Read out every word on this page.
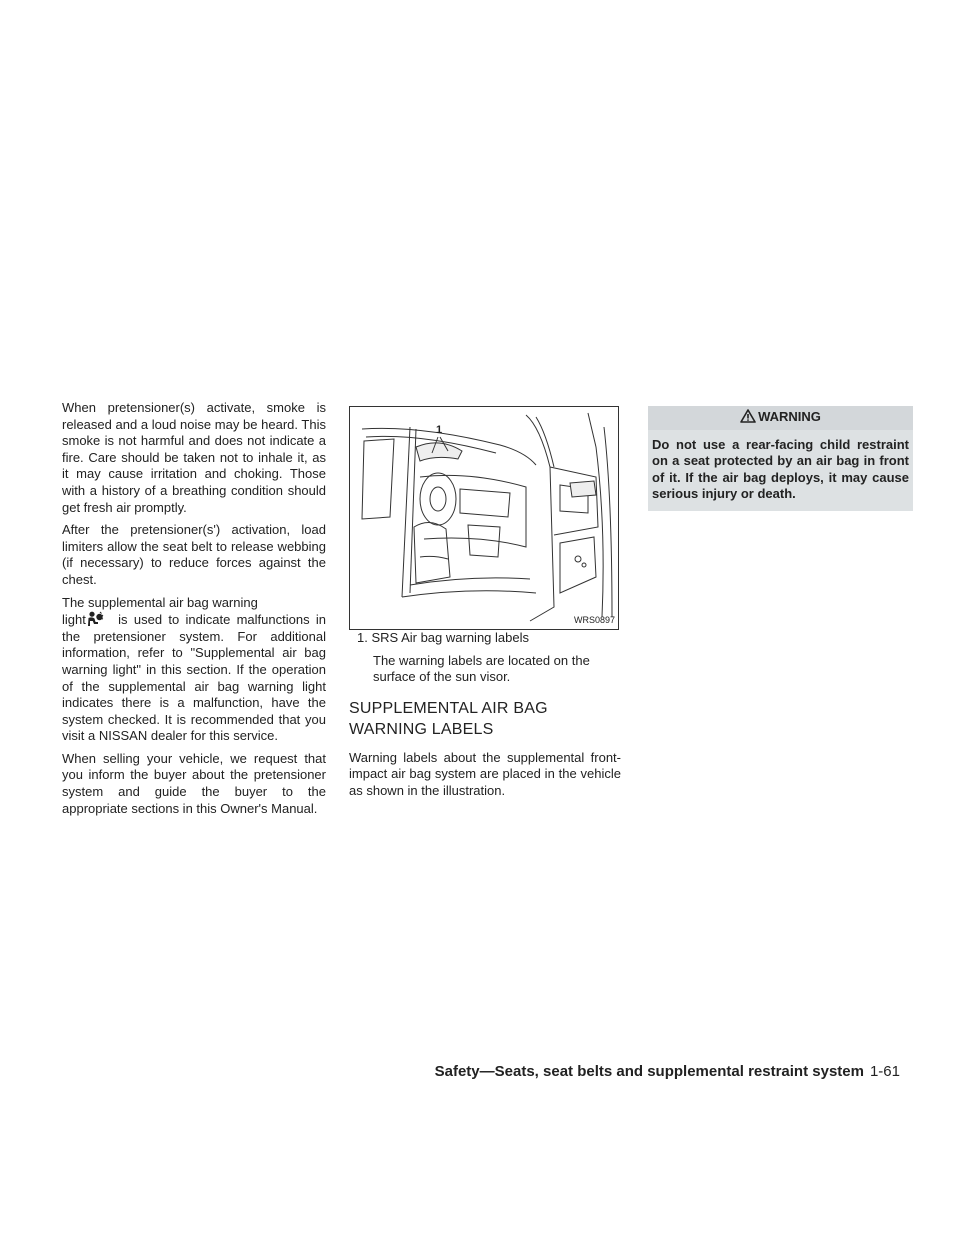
When pretensioner(s) activate, smoke is released and a loud noise may be heard. This smoke is not harmful and does not indicate a fire. Care should be taken not to inhale it, as it may cause irritation and choking. Those with a history of a breathing condition should get fresh air promptly.

After the pretensioner(s') activation, load limiters allow the seat belt to release webbing (if necessary) to reduce forces against the chest.

The supplemental air bag warning
light is used to indicate malfunctions in the pretensioner system. For additional information, refer to "Supplemental air bag warning light" in this section. If the operation of the supplemental air bag warning light indicates there is a malfunction, have the system checked. It is recommended that you visit a NISSAN dealer for this service.

When selling your vehicle, we request that you inform the buyer about the pretensioner system and guide the buyer to the appropriate sections in this Owner's Manual.

1
WRS0897

1. SRS Air bag warning labels

The warning labels are located on the surface of the sun visor.

SUPPLEMENTAL AIR BAG WARNING LABELS

Warning labels about the supplemental front-impact air bag system are placed in the vehicle as shown in the illustration.

WARNING
Do not use a rear-facing child restraint on a seat protected by an air bag in front of it. If the air bag deploys, it may cause serious injury or death.
Safety—Seats, seat belts and supplemental restraint system 1-61
